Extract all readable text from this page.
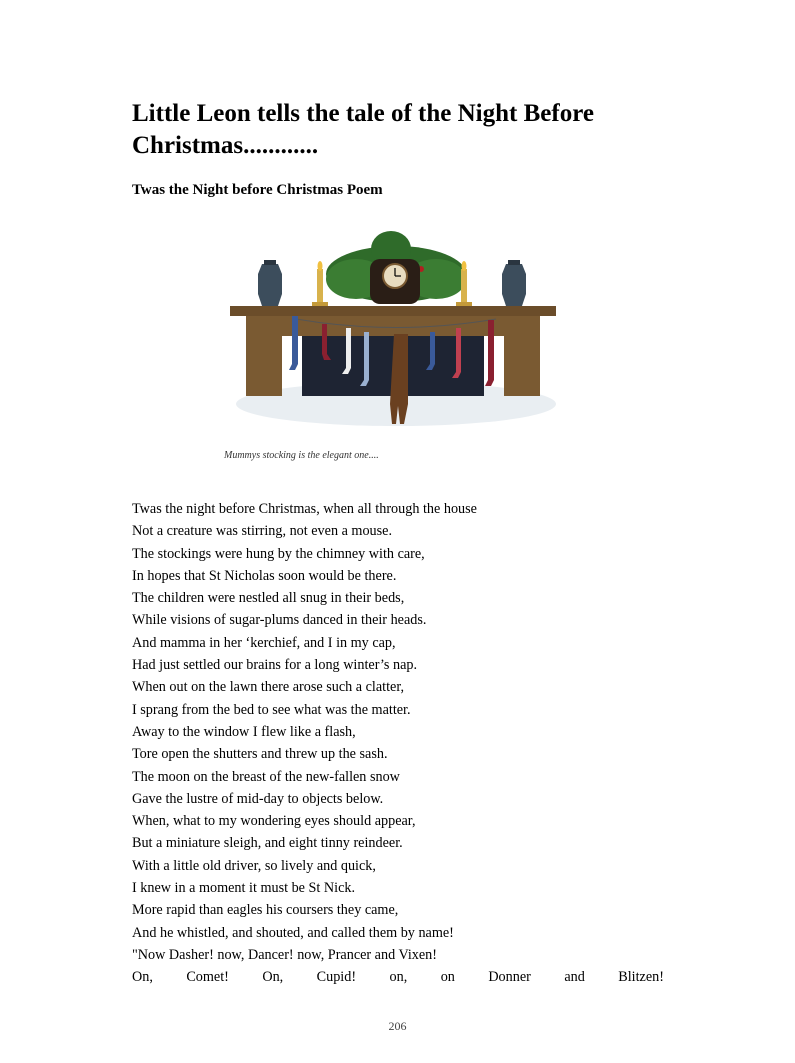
Little Leon tells the tale of the Night Before Christmas............
Twas the Night before Christmas Poem
Mummys stocking is the elegant one....
Twas the night before Christmas, when all through the house
Not a creature was stirring, not even a mouse.
The stockings were hung by the chimney with care,
In hopes that St Nicholas soon would be there.
The children were nestled all snug in their beds,
While visions of sugar-plums danced in their heads.
And mamma in her ‘kerchief, and I in my cap,
Had just settled our brains for a long winter’s nap.
When out on the lawn there arose such a clatter,
I sprang from the bed to see what was the matter.
Away to the window I flew like a flash,
Tore open the shutters and threw up the sash.
The moon on the breast of the new-fallen snow
Gave the lustre of mid-day to objects below.
When, what to my wondering eyes should appear,
But a miniature sleigh, and eight tinny reindeer.
With a little old driver, so lively and quick,
I knew in a moment it must be St Nick.
More rapid than eagles his coursers they came,
And he whistled, and shouted, and called them by name!
"Now Dasher! now, Dancer! now, Prancer and Vixen!
On, Comet! On, Cupid! on, on Donner and Blitzen!
206
